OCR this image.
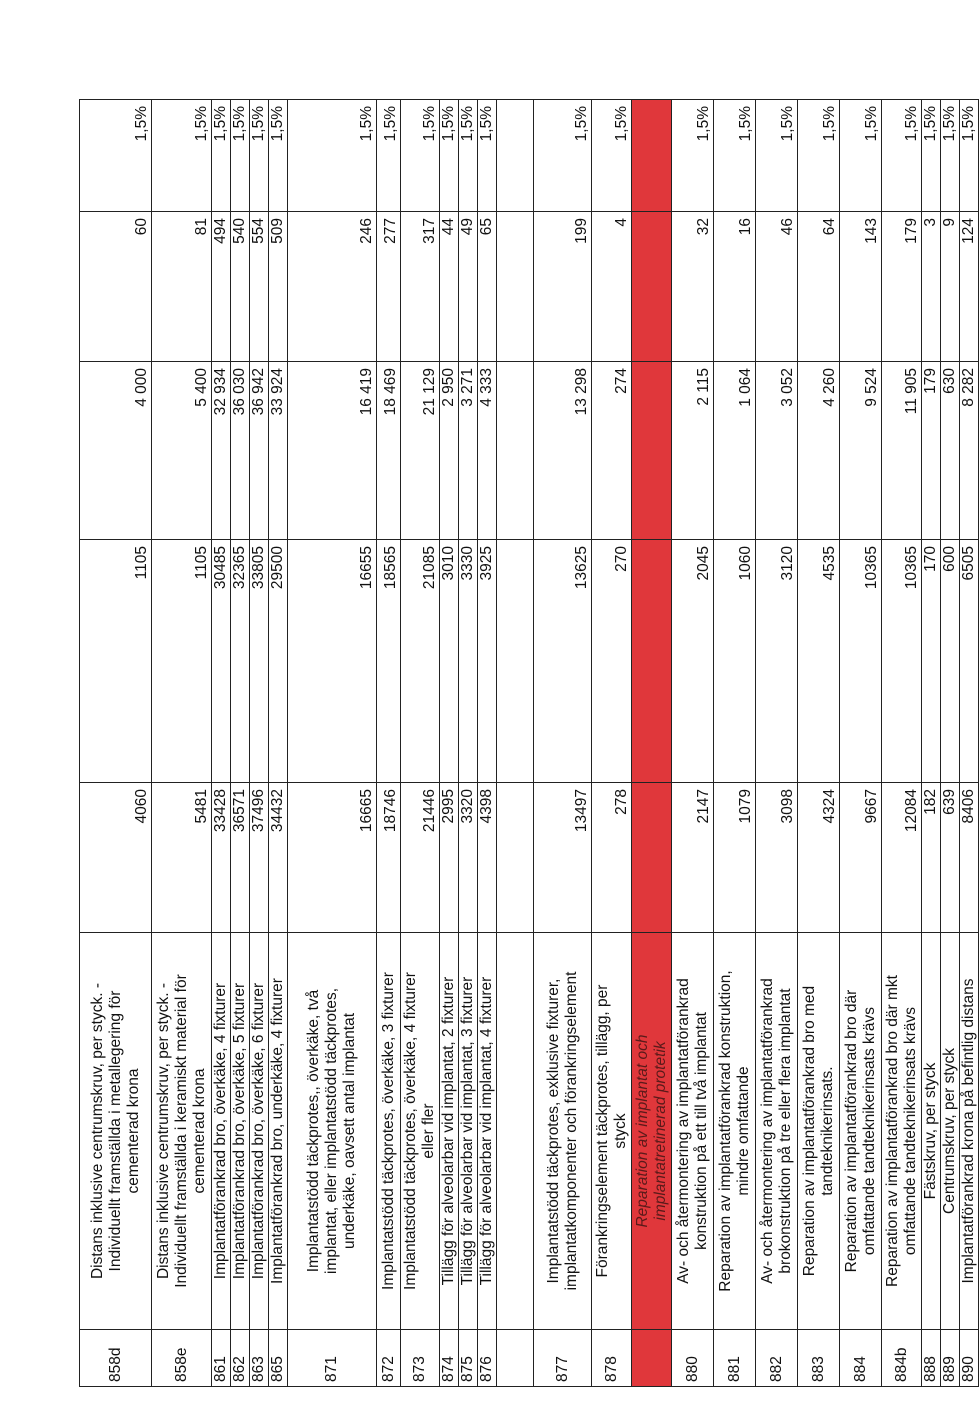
858d	Distans inklusive centrumskruv, per styck. -
Individuellt framställda i metallegering för
cementerad krona	4060	1105	4 000	60	1,5%
858e	Distans inklusive centrumskruv, per styck. -
Individuellt framställda i keramiskt material för
cementerad krona	5481	1105	5 400	81	1,5%
861	Implantatförankrad bro, överkäke, 4 fixturer	33428	30485	32 934	494	1,5%
862	Implantatförankrad bro, överkäke, 5 fixturer	36571	32365	36 030	540	1,5%
863	Implantatförankrad bro, överkäke, 6 fixturer	37496	33805	36 942	554	1,5%
865	Implantatförankrad bro, underkäke, 4 fixturer	34432	29500	33 924	509	1,5%
871	Implantatstödd täckprotes,, överkäke, två
implantat, eller implantatstödd täckprotes,
underkäke, oavsett antal implantat	16665	16655	16 419	246	1,5%
872	Implantatstödd täckprotes, överkäke, 3 fixturer	18746	18565	18 469	277	1,5%
873	Implantatstödd täckprotes, överkäke, 4 fixturer
eller fler	21446	21085	21 129	317	1,5%
874	Tillägg för alveolarbar vid implantat, 2 fixturer	2995	3010	2 950	44	1,5%
875	Tillägg för alveolarbar vid implantat, 3 fixturer	3320	3330	3 271	49	1,5%
876	Tillägg för alveolarbar vid implantat, 4 fixturer	4398	3925	4 333	65	1,5%

877	Implantatstödd täckprotes, exklusive fixturer,
implantatkomponenter och förankringselement	13497	13625	13 298	199	1,5%
878	Förankringselement täckprotes, tillägg, per
styck	278	270	274	4	1,5%

	Reparation av implantat och
implantatretinerad protetik					

880	Av- och återmontering av implantatförankrad
konstruktion på ett till två implantat	2147	2045	2 115	32	1,5%
881	Reparation av implantatförankrad konstruktion,
mindre omfattande	1079	1060	1 064	16	1,5%
882	Av- och återmontering av implantatförankrad
brokonstruktion på tre eller flera implantat	3098	3120	3 052	46	1,5%
883	Reparation av implantatförankrad bro med
tandteknikerinsats.	4324	4535	4 260	64	1,5%
884	Reparation av implantatförankrad bro där
omfattande tandteknikerinsats krävs	9667	10365	9 524	143	1,5%
884b	Reparation av implantatförankrad bro där mkt
omfattande tandteknikerinsats krävs	12084	10365	11 905	179	1,5%
888	Fästskruv, per styck	182	170	179	3	1,5%
889	Centrumskruv, per styck	639	600	630	9	1,5%
890	Implantatförankrad krona på befintlig distans	8406	6505	8 282	124	1,5%
